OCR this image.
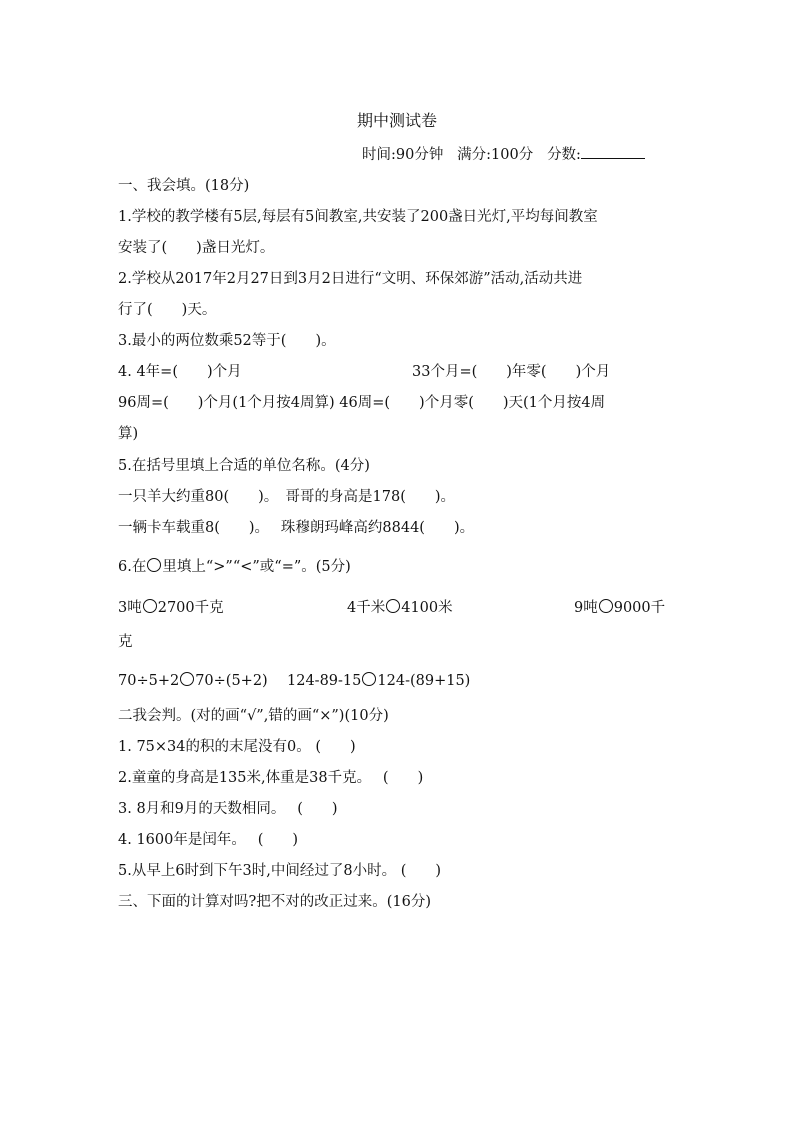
期中测试卷
时间:90分钟 满分:100分 分数:
一、我会填。(18分)
1.学校的教学楼有5层,每层有5间教室,共安装了200盏日光灯,平均每间教室
安装了(　　)盏日光灯。
2.学校从2017年2月27日到3月2日进行“文明、环保郊游”活动,活动共进
行了(　　)天。
3.最小的两位数乘52等于(　　)。
4. 4年=(　　)个月	33个月=(　　)年零(　　)个月
96周=(　　)个月(1个月按4周算) 46周=(　　)个月零(　　)天(1个月按4周
算)
5.在括号里填上合适的单位名称。(4分)
一只羊大约重80(　　)。　哥哥的身高是178(　　)。
一辆卡车载重8(　　)。　 珠穆朗玛峰高约8844(　　)。
6.在 里填上“>”“<”或“=”。(5分)
3吨 2700千克	4千米 4100米	9吨 9000千
克
70÷5+2 70÷(5+2) 124-89-15 124-(89+15)
二我会判。(对的画“√”,错的画“×”)(10分)
1. 75×34的积的末尾没有0。 (　　)
2.童童的身高是135米,体重是38千克。　 (　　)
3. 8月和9月的天数相同。　 (　　)
4. 1600年是闰年。　 (　　)
5.从早上6时到下午3时,中间经过了8小时。 (　　)
三、下面的计算对吗?把不对的改正过来。(16分)
